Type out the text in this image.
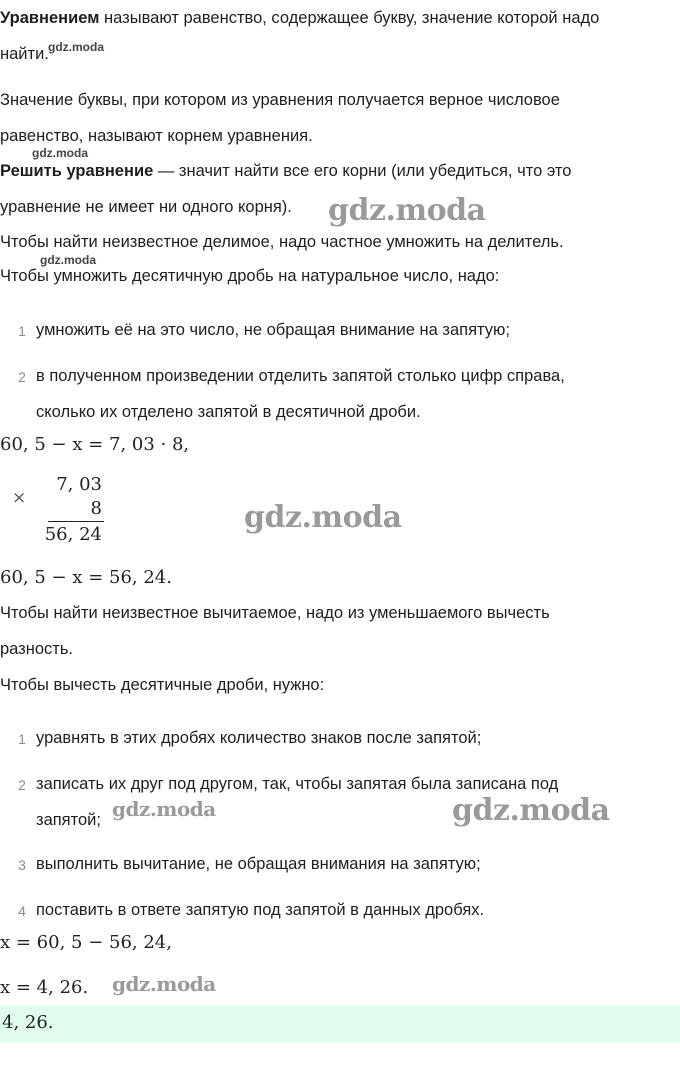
Уравнением называют равенство, содержащее букву, значение которой надо
найти. gdz.moda
Значение буквы, при котором из уравнения получается верное числовое
равенство, называют корнем уравнения.
gdz.moda
Решить уравнение — значит найти все его корни (или убедиться, что это
уравнение не имеет ни одного корня). gdz.moda
Чтобы найти неизвестное делимое, надо частное умножить на делитель.
gdz.moda
Чтобы умножить десятичную дробь на натуральное число, надо:
1 умножить её на это число, не обращая внимание на запятую;
2 в полученном произведении отделить запятой столько цифр справа,
сколько их отделено запятой в десятичной дроби.
60, 5 − x = 7, 03 · 8,
×
7, 03
8
56, 24	gdz.moda
60, 5 − x = 56, 24.
Чтобы найти неизвестное вычитаемое, надо из уменьшаемого вычесть
разность.
Чтобы вычесть десятичные дроби, нужно:
1 уравнять в этих дробях количество знаков после запятой;
2 записать их друг под другом, так, чтобы запятая была записана под
запятой; gdz.moda	gdz.moda
3 выполнить вычитание, не обращая внимания на запятую;
4 поставить в ответе запятую под запятой в данных дробях.
x = 60, 5 − 56, 24,
x = 4, 26. gdz.moda
4, 26.
